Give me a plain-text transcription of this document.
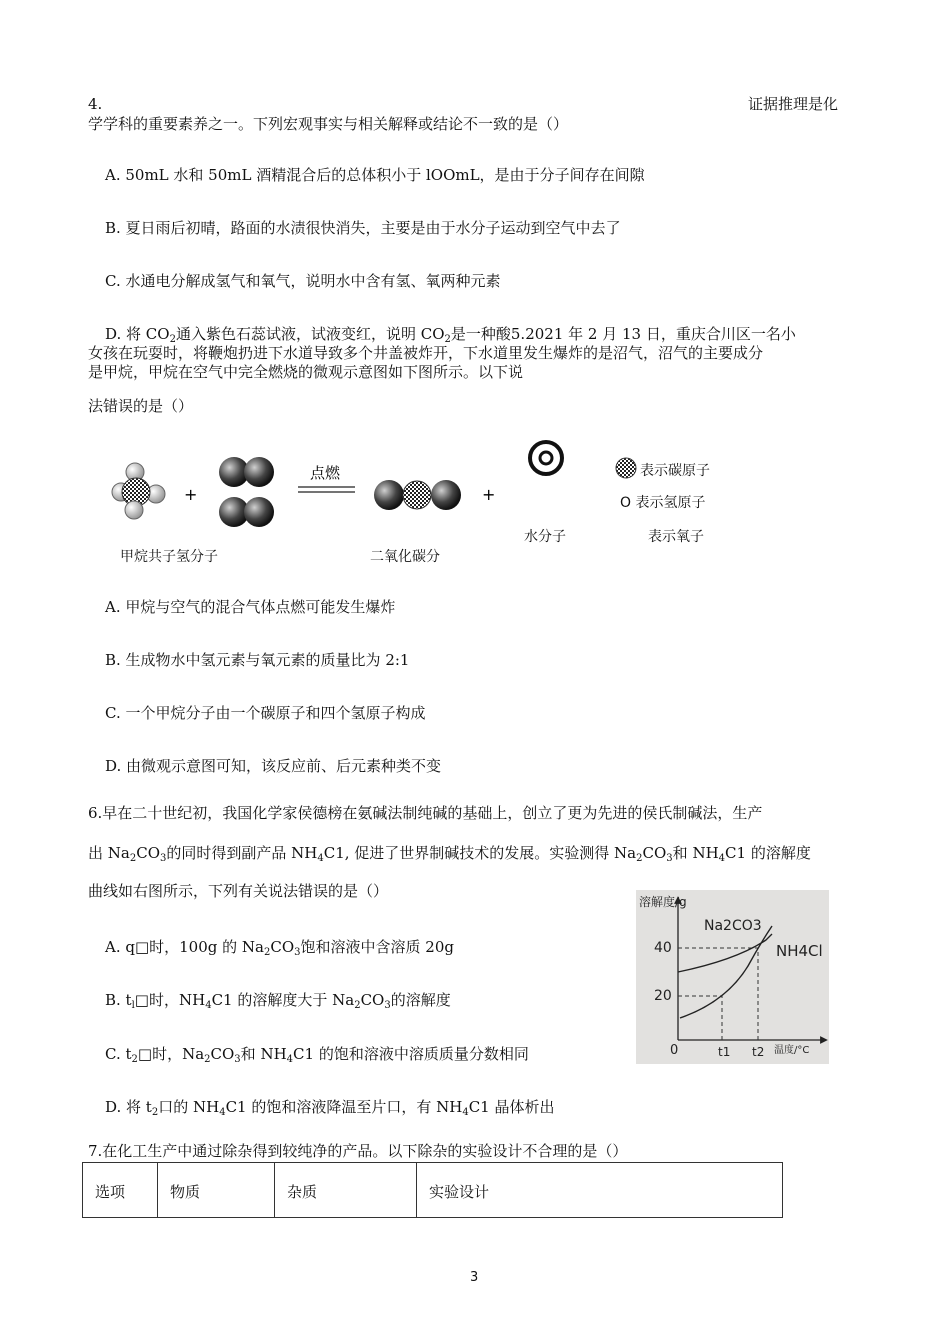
4.	证据推理是化
学学科的重要素养之一。下列宏观事实与相关解释或结论不一致的是（）
A. 50mL 水和 50mL 酒精混合后的总体积小于 lOOmL，是由于分子间存在间隙
B. 夏日雨后初晴，路面的水渍很快消失，主要是由于水分子运动到空气中去了
C. 水通电分解成氢气和氧气，说明水中含有氢、氧两种元素
D. 将 $CO_2$通入紫色石蕊试液，试液变红，说明 $CO_2$是一种酸5.2021 年 2 月 13 日，重庆合川区一名小
女孩在玩耍时，将鞭炮扔进下水道导致多个井盖被炸开，下水道里发生爆炸的是沼气，沼气的主要成分
是甲烷，甲烷在空气中完全燃烧的微观示意图如下图所示。以下说
法错误的是（）
+
点燃
+
甲烷共子氢分子	二氧化碳分
水分子
表示碳原子
O 表示氢原子
表示氧子
A. 甲烷与空气的混合气体点燃可能发生爆炸
B. 生成物水中氢元素与氧元素的质量比为 2:1
C. 一个甲烷分子由一个碳原子和四个氢原子构成
D. 由微观示意图可知，该反应前、后元素种类不变
6.早在二十世纪初，我国化学家侯德榜在氨碱法制纯碱的基础上，创立了更为先进的侯氏制碱法，生产
出 $Na_2CO_3$的同时得到副产品 $NH_4C1$, 促进了世界制碱技术的发展。实验测得 $Na_2CO_3$和 $NH_4C1$ 的溶解度
曲线如右图所示，下列有关说法错误的是（）
A. q□时，100g 的 $Na_2CO_3$饱和溶液中含溶质 20g
B. $t_l□$时，$NH_4C1$ 的溶解度大于 $Na_2CO_3$的溶解度
C. $t_2□$时，$Na_2CO_3$和 $NH_4C1$ 的饱和溶液中溶质质量分数相同
D. 将 $t_2$口的 $NH_4C1$ 的饱和溶液降温至片口，有 $NH_4C1$ 晶体析出
溶解度/g
40
20
0	t1 t2 温度/°C
Na2CO3
NH4Cl
7.在化工生产中通过除杂得到较纯净的产品。以下除杂的实验设计不合理的是（）
选项	物质	杂质	实验设计
3
